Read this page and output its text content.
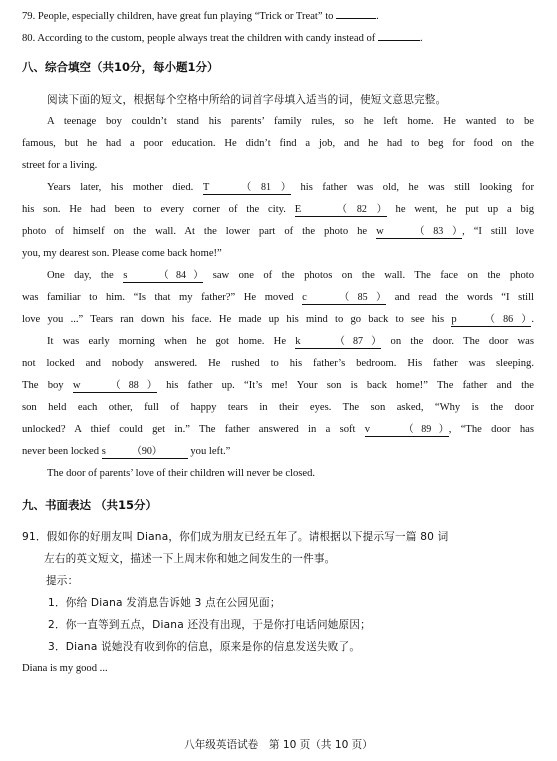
79. People, especially children, have great fun playing “Trick or Treat” to	.
80. According to the custom, people always treat the children with candy instead of	.
八、综合填空（共10分，每小题1分）
阅读下面的短文，根据每个空格中所给的词首字母填入适当的词，使短文意思完整。
A teenage boy couldn’t stand his parents’ family rules, so he left home. He wanted to be
famous, but he had a poor education. He didn’t find a job, and he had to beg for food on the
street for a living.
Years later, his mother died. T （81） his father was old, he was still looking for
his son. He had been to every corner of the city. E	（82） he went, he put up a big
photo of himself on the wall. At the lower part of the photo he w （83）, “I still love
you, my dearest son. Please come back home!”
One day, the s （84） saw one of the photos on the wall. The face on the photo
was familiar to him. “Is that my father?” He moved c （85） and read the words “I still
love you ...” Tears ran down his face. He made up his mind to go back to see his p （86）.
It was early morning when he got home. He k	（87） on the door. The door was
not locked and nobody answered. He rushed to his father’s bedroom. His father was sleeping.
The boy w （88） his father up. “It’s me! Your son is back home!” The father and the
son held each other, full of happy tears in their eyes. The son asked, “Why is the door
unlocked? A thief could get in.” The father answered in a soft v	（89）, “The door has
never been locked s	（90）	you left.”
The door of parents’ love of their children will never be closed.
九、书面表达 （共15分）
91．假如你的好朋友叫 Diana，你们成为朋友已经五年了。请根据以下提示写一篇 80 词
左右的英文短文，描述一下上周末你和她之间发生的一件事。
提示：
1．你给 Diana 发消息告诉她 3 点在公园见面；
2．你一直等到五点，Diana 还没有出现，于是你打电话问她原因；
3．Diana 说她没有收到你的信息，原来是你的信息发送失败了。
Diana is my good ...
八年级英语试卷　第 10 页（共 10 页）
